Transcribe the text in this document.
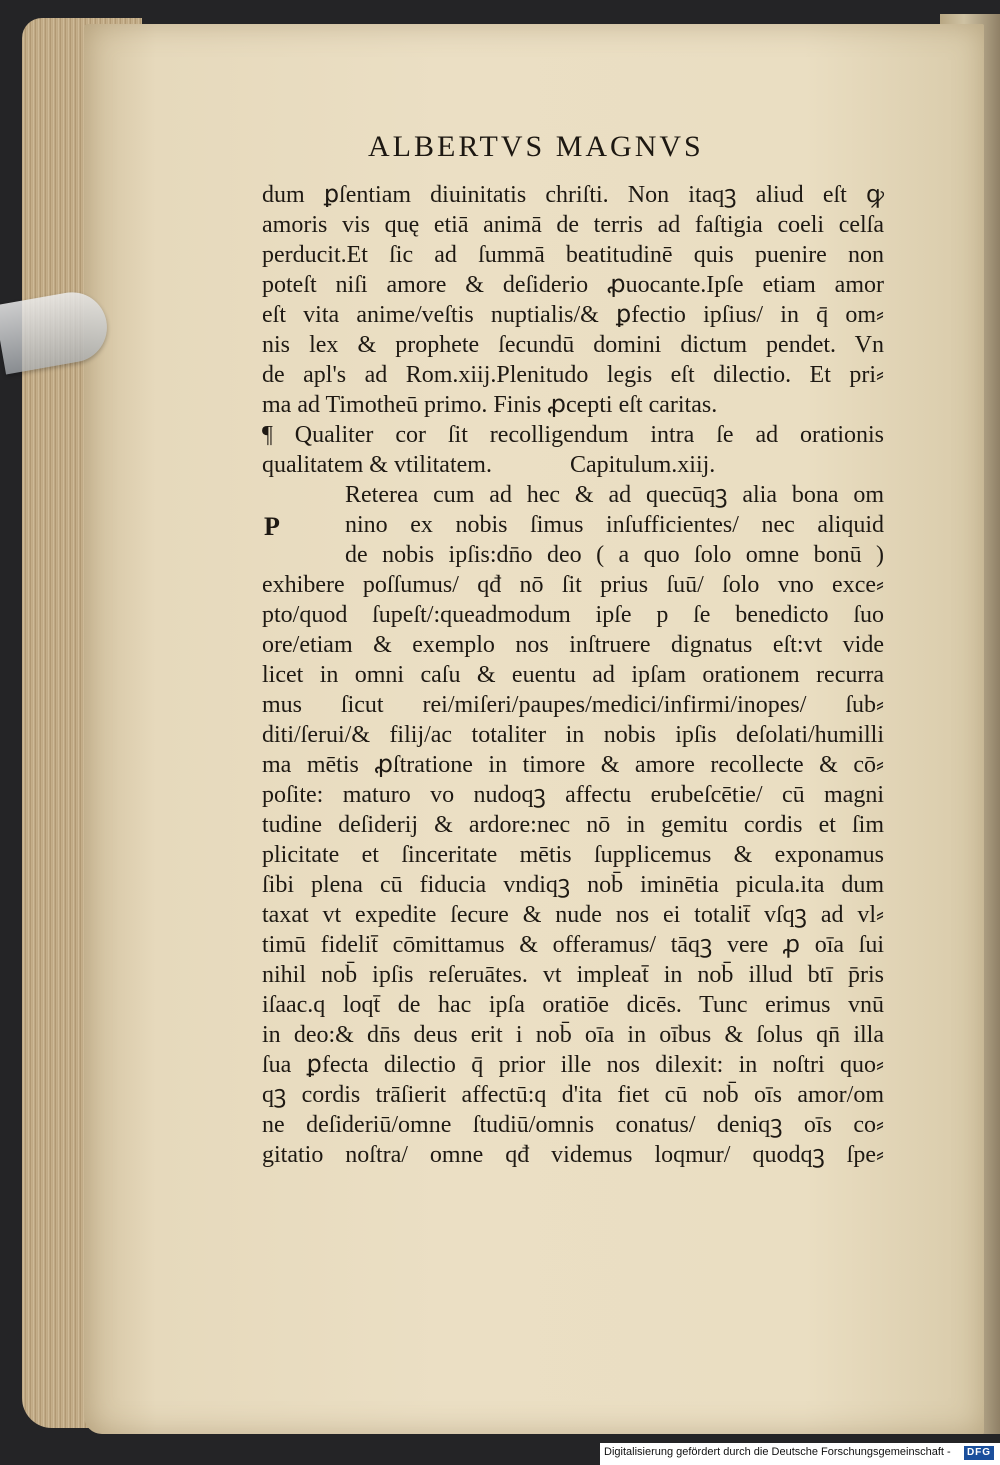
ALBERTVS MAGNVS
P
dum ꝑſentiam diuinitatis chriſti. Non itaqꝫ aliud eſt ꝙ
amoris vis quę etiā animā de terris ad faſtigia coeli celſa
perducit.Et ſic ad ſummā beatitudinē quis puenire non
poteſt niſi amore & deſiderio ꝓuocante.Ipſe etiam amor
eſt vita anime/veſtis nuptialis/& ꝑfectio ipſius/ in q̄ om⸗
nis lex & prophete ſecundū domini dictum pendet. Vn
de apl's ad Rom.xiij.Plenitudo legis eſt dilectio. Et pri⸗
ma ad Timotheū primo. Finis ꝓcepti eſt caritas.
¶ Qualiter cor ſit recolligendum intra ſe ad orationis
qualitatem & vtilitatem.             Capitulum.xiij.
Reterea cum ad hec & ad quecūqꝫ alia bona om
nino ex nobis ſimus inſufficientes/ nec aliquid
de nobis ipſis:dn̄o deo ( a quo ſolo omne bonū )
exhibere poſſumus/ qđ nō ſit prius ſuū/ ſolo vno exce⸗
pto/quod ſupeſt/:queadmodum ipſe p ſe benedicto ſuo
ore/etiam & exemplo nos inſtruere dignatus eſt:vt vide
licet in omni caſu & euentu ad ipſam orationem recurra
mus ſicut rei/miſeri/paupes/medici/infirmi/inopes/ ſub⸗
diti/ſerui/& filij/ac totaliter in nobis ipſis deſolati/humilli
ma mētis ꝓſtratione in timore & amore recollecte & cō⸗
poſite: maturo vo nudoqꝫ affectu erubeſcētie/ cū magni
tudine deſiderij & ardore:nec nō in gemitu cordis et ſim
plicitate et ſinceritate mētis ſupplicemus & exponamus
ſibi plena cū fiducia vndiqꝫ nob̄ iminētia picula.ita dum
taxat vt expedite ſecure & nude nos ei totalit̄ vſqꝫ ad vl⸗
timū fidelit̄ cōmittamus & offeramus/ tāqꝫ vere ꝓ oīa ſui
nihil nob̄ ipſis reſeruātes. vt impleat̄ in nob̄ illud btī p̄ris
iſaac.q loqt̄ de hac ipſa oratiōe dicēs. Tunc erimus vnū
in deo:& dn̄s deus erit i nob̄ oīa in oībus & ſolus qn̄ illa
ſua ꝑfecta dilectio q̄ prior ille nos dilexit: in noſtri quo⸗
qꝫ cordis trāſierit affectū:q d'ita fiet cū nob̄ oīs amor/om
ne deſideriū/omne ſtudiū/omnis conatus/ deniqꝫ oīs co⸗
gitatio noſtra/ omne qđ videmus loqmur/ quodqꝫ ſpe⸗
Digitalisierung gefördert durch die Deutsche Forschungsgemeinschaft - DFG
